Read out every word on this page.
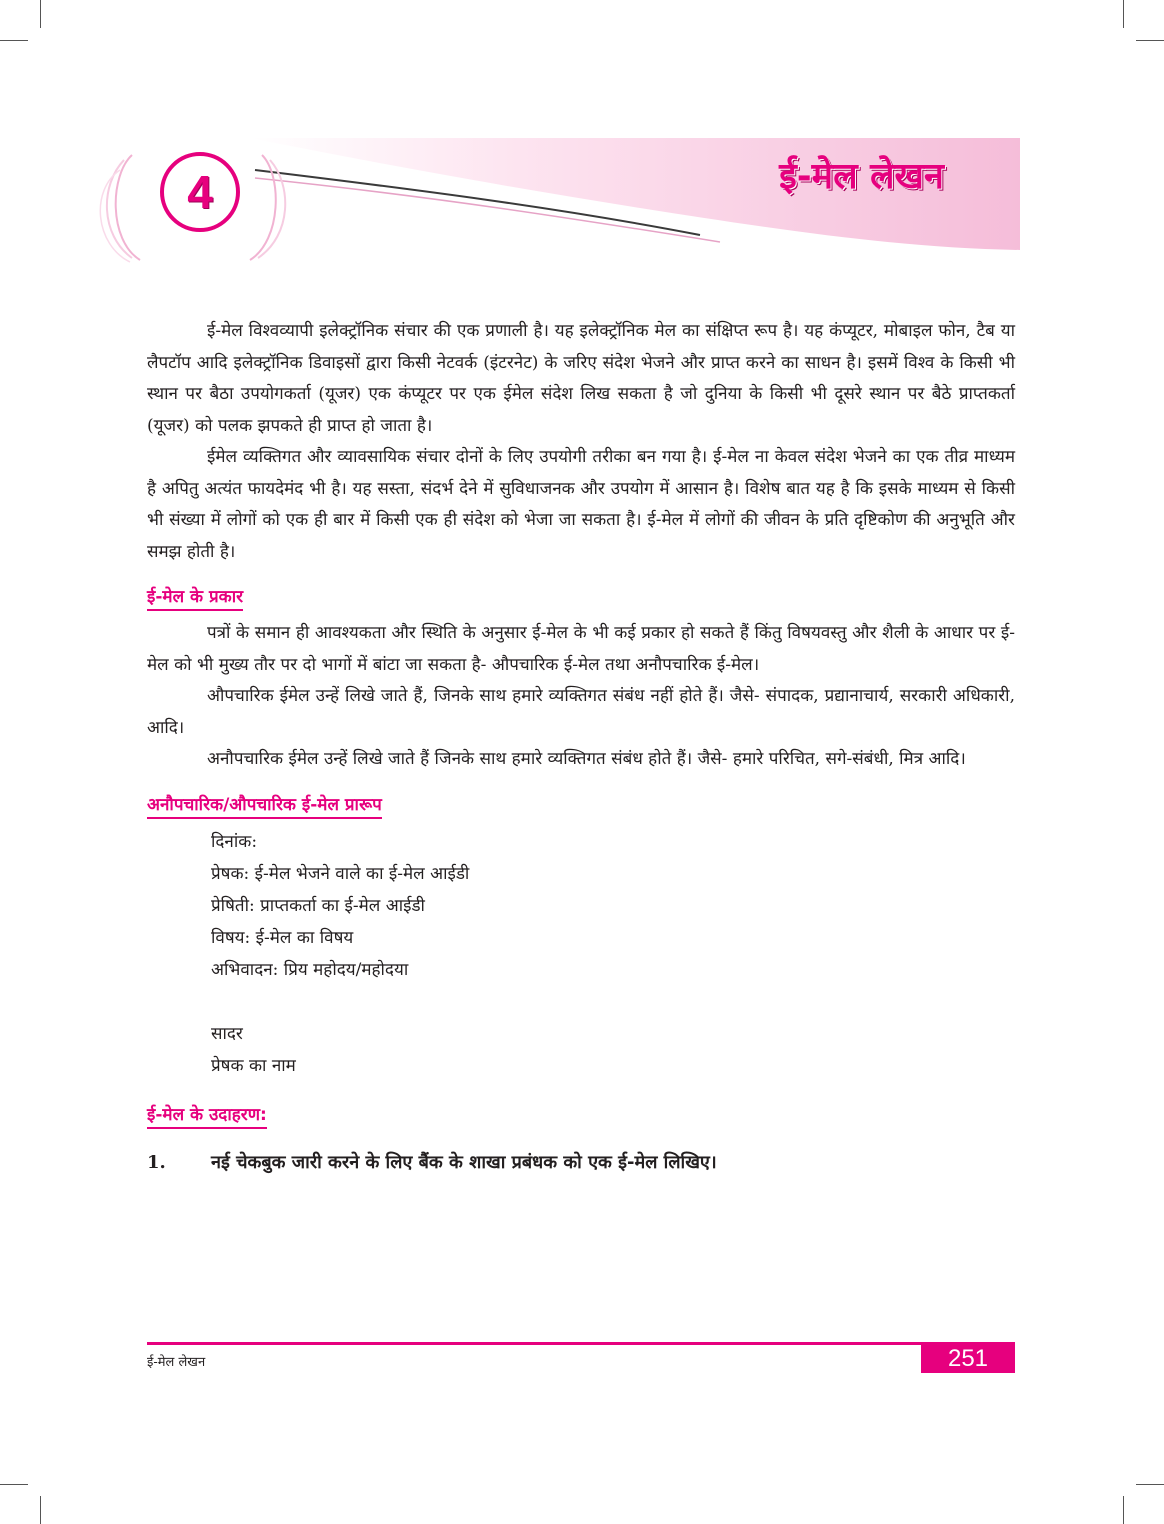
4	ई-मेल लेखन

ई-मेल विश्वव्यापी इलेक्ट्रॉनिक संचार की एक प्रणाली है। यह इलेक्ट्रॉनिक मेल का संक्षिप्त रूप है। यह कंप्यूटर, मोबाइल फोन, टैब या लैपटॉप आदि इलेक्ट्रॉनिक डिवाइसों द्वारा किसी नेटवर्क (इंटरनेट) के जरिए संदेश भेजने और प्राप्त करने का साधन है। इसमें विश्व के किसी भी स्थान पर बैठा उपयोगकर्ता (यूजर) एक कंप्यूटर पर एक ईमेल संदेश लिख सकता है जो दुनिया के किसी भी दूसरे स्थान पर बैठे प्राप्तकर्ता (यूजर) को पलक झपकते ही प्राप्त हो जाता है।

ईमेल व्यक्तिगत और व्यावसायिक संचार दोनों के लिए उपयोगी तरीका बन गया है। ई-मेल ना केवल संदेश भेजने का एक तीव्र माध्यम है अपितु अत्यंत फायदेमंद भी है। यह सस्ता, संदर्भ देने में सुविधाजनक और उपयोग में आसान है। विशेष बात यह है कि इसके माध्यम से किसी भी संख्या में लोगों को एक ही बार में किसी एक ही संदेश को भेजा जा सकता है। ई-मेल में लोगों की जीवन के प्रति दृष्टिकोण की अनुभूति और समझ होती है।

ई-मेल के प्रकार

पत्रों के समान ही आवश्यकता और स्थिति के अनुसार ई-मेल के भी कई प्रकार हो सकते हैं किंतु विषयवस्तु और शैली के आधार पर ई-मेल को भी मुख्य तौर पर दो भागों में बांटा जा सकता है- औपचारिक ई-मेल तथा अनौपचारिक ई-मेल।

औपचारिक ईमेल उन्हें लिखे जाते हैं, जिनके साथ हमारे व्यक्तिगत संबंध नहीं होते हैं। जैसे- संपादक, प्रद्यानाचार्य, सरकारी अधिकारी, आदि।

अनौपचारिक ईमेल उन्हें लिखे जाते हैं जिनके साथ हमारे व्यक्तिगत संबंध होते हैं। जैसे- हमारे परिचित, सगे-संबंधी, मित्र आदि।

अनौपचारिक/औपचारिक ई-मेल प्रारूप
दिनांक:
प्रेषक: ई-मेल भेजने वाले का ई-मेल आईडी
प्रेषिती: प्राप्तकर्ता का ई-मेल आईडी
विषय: ई-मेल का विषय
अभिवादन: प्रिय महोदय/महोदया
सादर
प्रेषक का नाम
ई-मेल के उदाहरण:
1.	नई चेकबुक जारी करने के लिए बैंक के शाखा प्रबंधक को एक ई-मेल लिखिए।
ई-मेल लेखन	251
